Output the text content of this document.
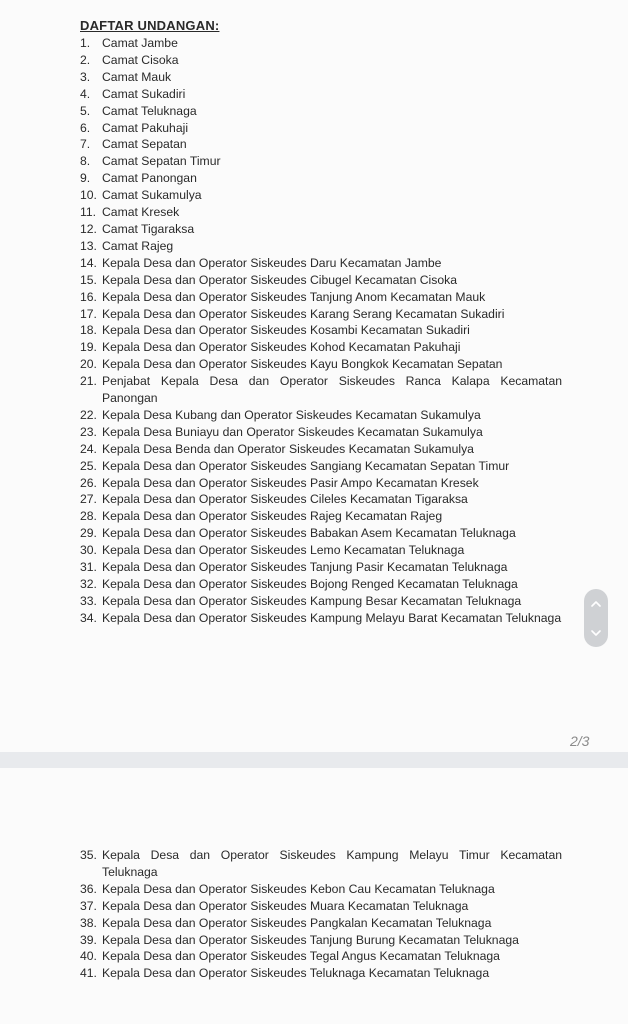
DAFTAR UNDANGAN:
1. Camat Jambe
2. Camat Cisoka
3. Camat Mauk
4. Camat Sukadiri
5. Camat Teluknaga
6. Camat Pakuhaji
7. Camat Sepatan
8. Camat Sepatan Timur
9. Camat Panongan
10. Camat Sukamulya
11. Camat Kresek
12. Camat Tigaraksa
13. Camat Rajeg
14. Kepala Desa dan Operator Siskeudes Daru Kecamatan Jambe
15. Kepala Desa dan Operator Siskeudes Cibugel Kecamatan Cisoka
16. Kepala Desa dan Operator Siskeudes Tanjung Anom Kecamatan Mauk
17. Kepala Desa dan Operator Siskeudes Karang Serang Kecamatan Sukadiri
18. Kepala Desa dan Operator Siskeudes Kosambi Kecamatan Sukadiri
19. Kepala Desa dan Operator Siskeudes Kohod Kecamatan Pakuhaji
20. Kepala Desa dan Operator Siskeudes Kayu Bongkok Kecamatan Sepatan
21. Penjabat Kepala Desa dan Operator Siskeudes Ranca Kalapa Kecamatan Panongan
22. Kepala Desa Kubang dan Operator Siskeudes Kecamatan Sukamulya
23. Kepala Desa Buniayu dan Operator Siskeudes Kecamatan Sukamulya
24. Kepala Desa Benda dan Operator Siskeudes Kecamatan Sukamulya
25. Kepala Desa dan Operator Siskeudes Sangiang Kecamatan Sepatan Timur
26. Kepala Desa dan Operator Siskeudes Pasir Ampo Kecamatan Kresek
27. Kepala Desa dan Operator Siskeudes Cileles Kecamatan Tigaraksa
28. Kepala Desa dan Operator Siskeudes Rajeg Kecamatan Rajeg
29. Kepala Desa dan Operator Siskeudes Babakan Asem Kecamatan Teluknaga
30. Kepala Desa dan Operator Siskeudes Lemo Kecamatan Teluknaga
31. Kepala Desa dan Operator Siskeudes Tanjung Pasir Kecamatan Teluknaga
32. Kepala Desa dan Operator Siskeudes Bojong Renged Kecamatan Teluknaga
33. Kepala Desa dan Operator Siskeudes Kampung Besar Kecamatan Teluknaga
34. Kepala Desa dan Operator Siskeudes Kampung Melayu Barat Kecamatan Teluknaga
35. Kepala Desa dan Operator Siskeudes Kampung Melayu Timur Kecamatan Teluknaga
36. Kepala Desa dan Operator Siskeudes Kebon Cau Kecamatan Teluknaga
37. Kepala Desa dan Operator Siskeudes Muara Kecamatan Teluknaga
38. Kepala Desa dan Operator Siskeudes Pangkalan Kecamatan Teluknaga
39. Kepala Desa dan Operator Siskeudes Tanjung Burung Kecamatan Teluknaga
40. Kepala Desa dan Operator Siskeudes Tegal Angus Kecamatan Teluknaga
41. Kepala Desa dan Operator Siskeudes Teluknaga Kecamatan Teluknaga
2/3
